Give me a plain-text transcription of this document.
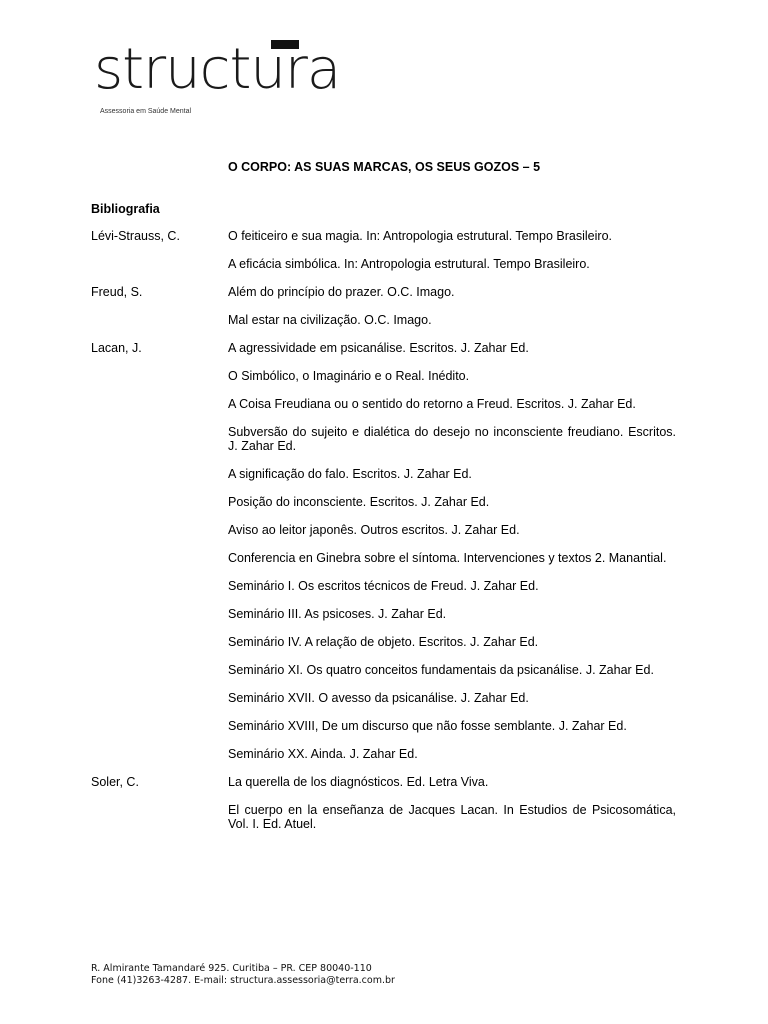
structura
Assessoria em Saúde Mental
O CORPO: AS SUAS MARCAS, OS SEUS GOZOS – 5
Bibliografia
Lévi-Strauss, C.	O feiticeiro e sua magia. In: Antropologia estrutural. Tempo Brasileiro.
A eficácia simbólica. In: Antropologia estrutural. Tempo Brasileiro.
Freud, S.	Além do princípio do prazer. O.C. Imago.
Mal estar na civilização. O.C. Imago.
Lacan, J.	A agressividade em psicanálise. Escritos. J. Zahar Ed.
O Simbólico, o Imaginário e o Real. Inédito.
A Coisa Freudiana ou o sentido do retorno a Freud. Escritos. J. Zahar Ed.
Subversão do sujeito e dialética do desejo no inconsciente freudiano. Escritos. J. Zahar Ed.
A significação do falo. Escritos. J. Zahar Ed.
Posição do inconsciente. Escritos. J. Zahar Ed.
Aviso ao leitor japonês. Outros escritos. J. Zahar Ed.
Conferencia en Ginebra sobre el síntoma. Intervenciones y textos 2. Manantial.
Seminário I. Os escritos técnicos de Freud. J. Zahar Ed.
Seminário III. As psicoses. J. Zahar Ed.
Seminário IV. A relação de objeto. Escritos. J. Zahar Ed.
Seminário XI. Os quatro conceitos fundamentais da psicanálise. J. Zahar Ed.
Seminário XVII. O avesso da psicanálise. J. Zahar Ed.
Seminário XVIII, De um discurso que não fosse semblante. J. Zahar Ed.
Seminário XX. Ainda. J. Zahar Ed.
Soler, C.	La querella de los diagnósticos. Ed. Letra Viva.
El cuerpo en la enseñanza de Jacques Lacan. In Estudios de Psicosomática, Vol. I. Ed. Atuel.
R. Almirante Tamandaré 925. Curitiba – PR. CEP 80040-110
Fone (41)3263-4287. E-mail: structura.assessoria@terra.com.br
